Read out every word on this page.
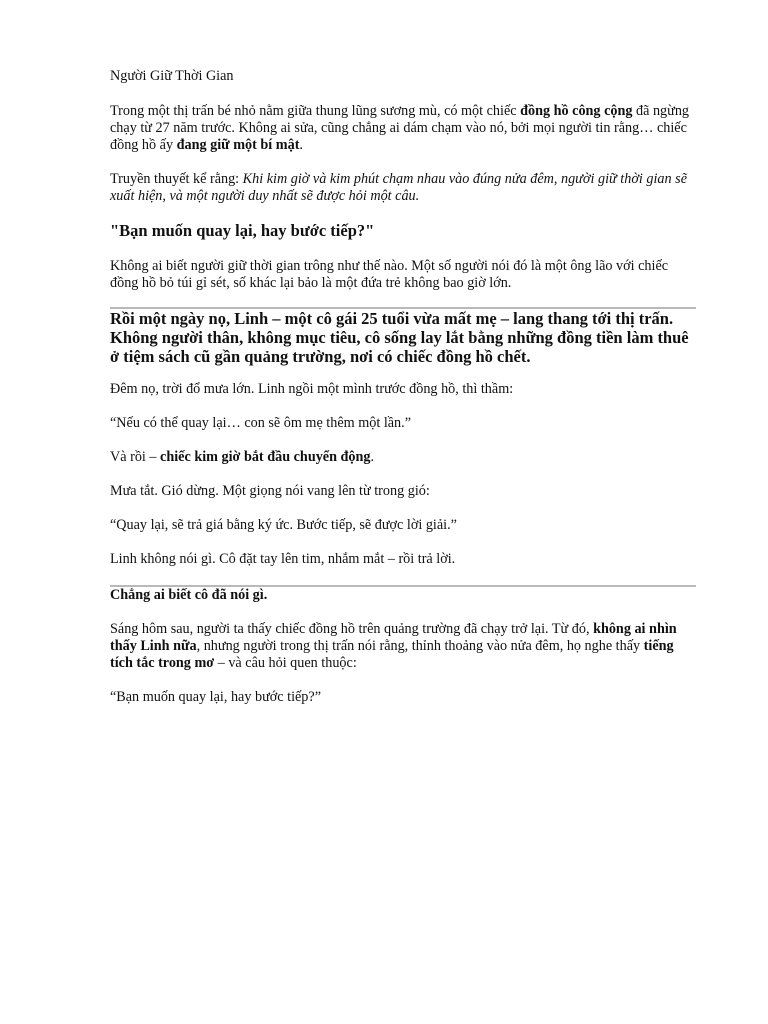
Người Giữ Thời Gian

Trong một thị trấn bé nhỏ nằm giữa thung lũng sương mù, có một chiếc đồng hồ công cộng đã ngừng chạy từ 27 năm trước. Không ai sửa, cũng chẳng ai dám chạm vào nó, bởi mọi người tin rằng… chiếc đồng hồ ấy đang giữ một bí mật.

Truyền thuyết kể rằng: Khi kim giờ và kim phút chạm nhau vào đúng nửa đêm, người giữ thời gian sẽ xuất hiện, và một người duy nhất sẽ được hỏi một câu.

"Bạn muốn quay lại, hay bước tiếp?"

Không ai biết người giữ thời gian trông như thế nào. Một số người nói đó là một ông lão với chiếc đồng hồ bỏ túi gỉ sét, số khác lại bảo là một đứa trẻ không bao giờ lớn.

Rồi một ngày nọ, Linh – một cô gái 25 tuổi vừa mất mẹ – lang thang tới thị trấn. Không người thân, không mục tiêu, cô sống lay lắt bằng những đồng tiền làm thuê ở tiệm sách cũ gần quảng trường, nơi có chiếc đồng hồ chết.

Đêm nọ, trời đổ mưa lớn. Linh ngồi một mình trước đồng hồ, thì thầm:

“Nếu có thể quay lại… con sẽ ôm mẹ thêm một lần.”

Và rồi – chiếc kim giờ bắt đầu chuyển động.

Mưa tắt. Gió dừng. Một giọng nói vang lên từ trong gió:

“Quay lại, sẽ trả giá bằng ký ức. Bước tiếp, sẽ được lời giải.”

Linh không nói gì. Cô đặt tay lên tim, nhắm mắt – rồi trả lời.

Chẳng ai biết cô đã nói gì.

Sáng hôm sau, người ta thấy chiếc đồng hồ trên quảng trường đã chạy trở lại. Từ đó, không ai nhìn thấy Linh nữa, nhưng người trong thị trấn nói rằng, thỉnh thoảng vào nửa đêm, họ nghe thấy tiếng tích tắc trong mơ – và câu hỏi quen thuộc:

“Bạn muốn quay lại, hay bước tiếp?”
